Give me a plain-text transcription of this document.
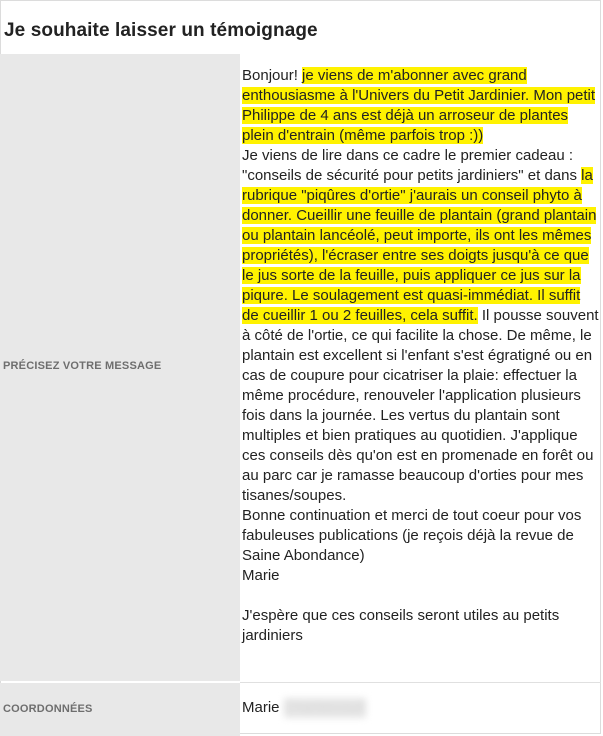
Je souhaite laisser un témoignage
PRÉCISEZ VOTRE MESSAGE
Bonjour! je viens de m'abonner avec grand enthousiasme à l'Univers du Petit Jardinier. Mon petit Philippe de 4 ans est déjà un arroseur de plantes plein d'entrain (même parfois trop :))
Je viens de lire dans ce cadre le premier cadeau : "conseils de sécurité pour petits jardiniers" et dans la rubrique "piqûres d'ortie" j'aurais un conseil phyto à donner. Cueillir une feuille de plantain (grand plantain ou plantain lancéolé, peut importe, ils ont les mêmes propriétés), l'écraser entre ses doigts jusqu'à ce que le jus sorte de la feuille, puis appliquer ce jus sur la piqure. Le soulagement est quasi-immédiat. Il suffit de cueillir 1 ou 2 feuilles, cela suffit. Il pousse souvent à côté de l'ortie, ce qui facilite la chose. De même, le plantain est excellent si l'enfant s'est égratigné ou en cas de coupure pour cicatriser la plaie: effectuer la même procédure, renouveler l'application plusieurs fois dans la journée. Les vertus du plantain sont multiples et bien pratiques au quotidien. J'applique ces conseils dès qu'on est en promenade en forêt ou au parc car je ramasse beaucoup d'orties pour mes tisanes/soupes.
Bonne continuation et merci de tout coeur pour vos fabuleuses publications (je reçois déjà la revue de Saine Abondance)
Marie
J'espère que ces conseils seront utiles au petits jardiniers
COORDONNÉES	Marie Charbecourt
